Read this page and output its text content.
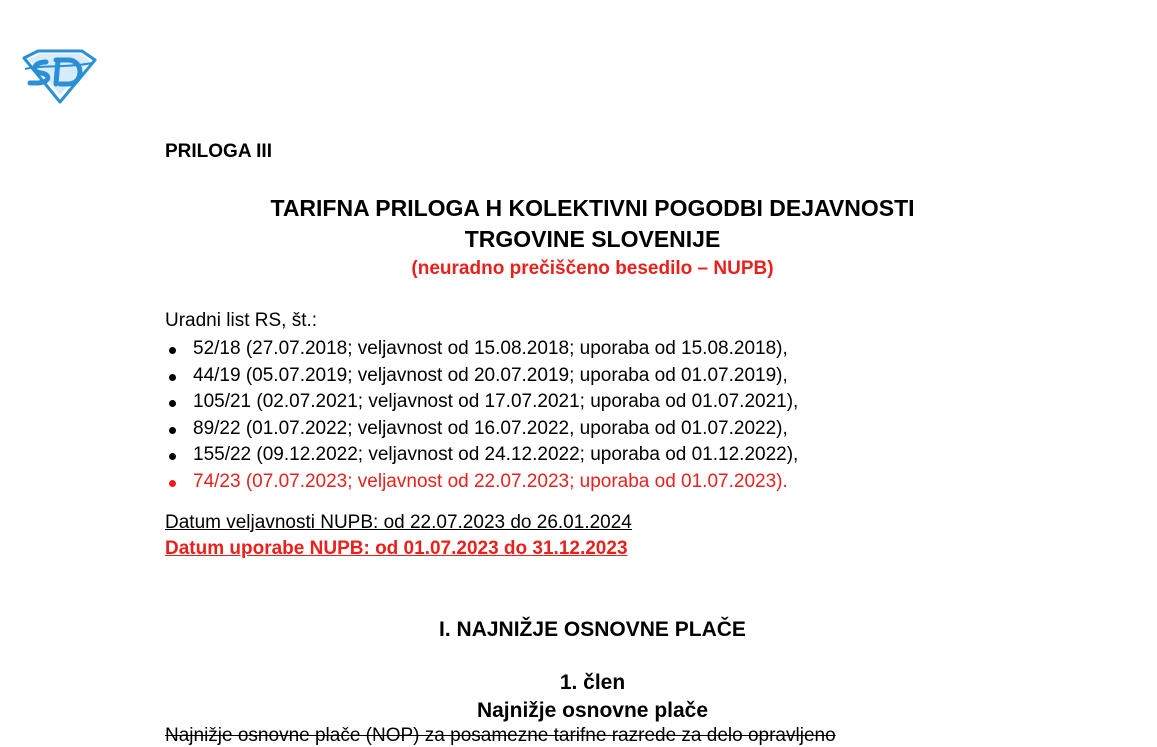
PRILOGA III
TARIFNA PRILOGA H KOLEKTIVNI POGODBI DEJAVNOSTI
TRGOVINE SLOVENIJE
(neuradno prečiščeno besedilo – NUPB)
Uradni list RS, št.:
52/18 (27.07.2018; veljavnost od 15.08.2018; uporaba od 15.08.2018),
44/19 (05.07.2019; veljavnost od 20.07.2019; uporaba od 01.07.2019),
105/21 (02.07.2021; veljavnost od 17.07.2021; uporaba od 01.07.2021),
89/22 (01.07.2022; veljavnost od 16.07.2022, uporaba od 01.07.2022),
155/22 (09.12.2022; veljavnost od 24.12.2022; uporaba od 01.12.2022),
74/23 (07.07.2023; veljavnost od 22.07.2023; uporaba od 01.07.2023).
Datum veljavnosti NUPB: od 22.07.2023 do 26.01.2024
Datum uporabe NUPB: od 01.07.2023 do 31.12.2023
I. NAJNIŽJE OSNOVNE PLAČE
1. člen
Najnižje osnovne plače
Najnižje osnovne plače (NOP) za posamezne tarifne razrede za delo opravljeno
